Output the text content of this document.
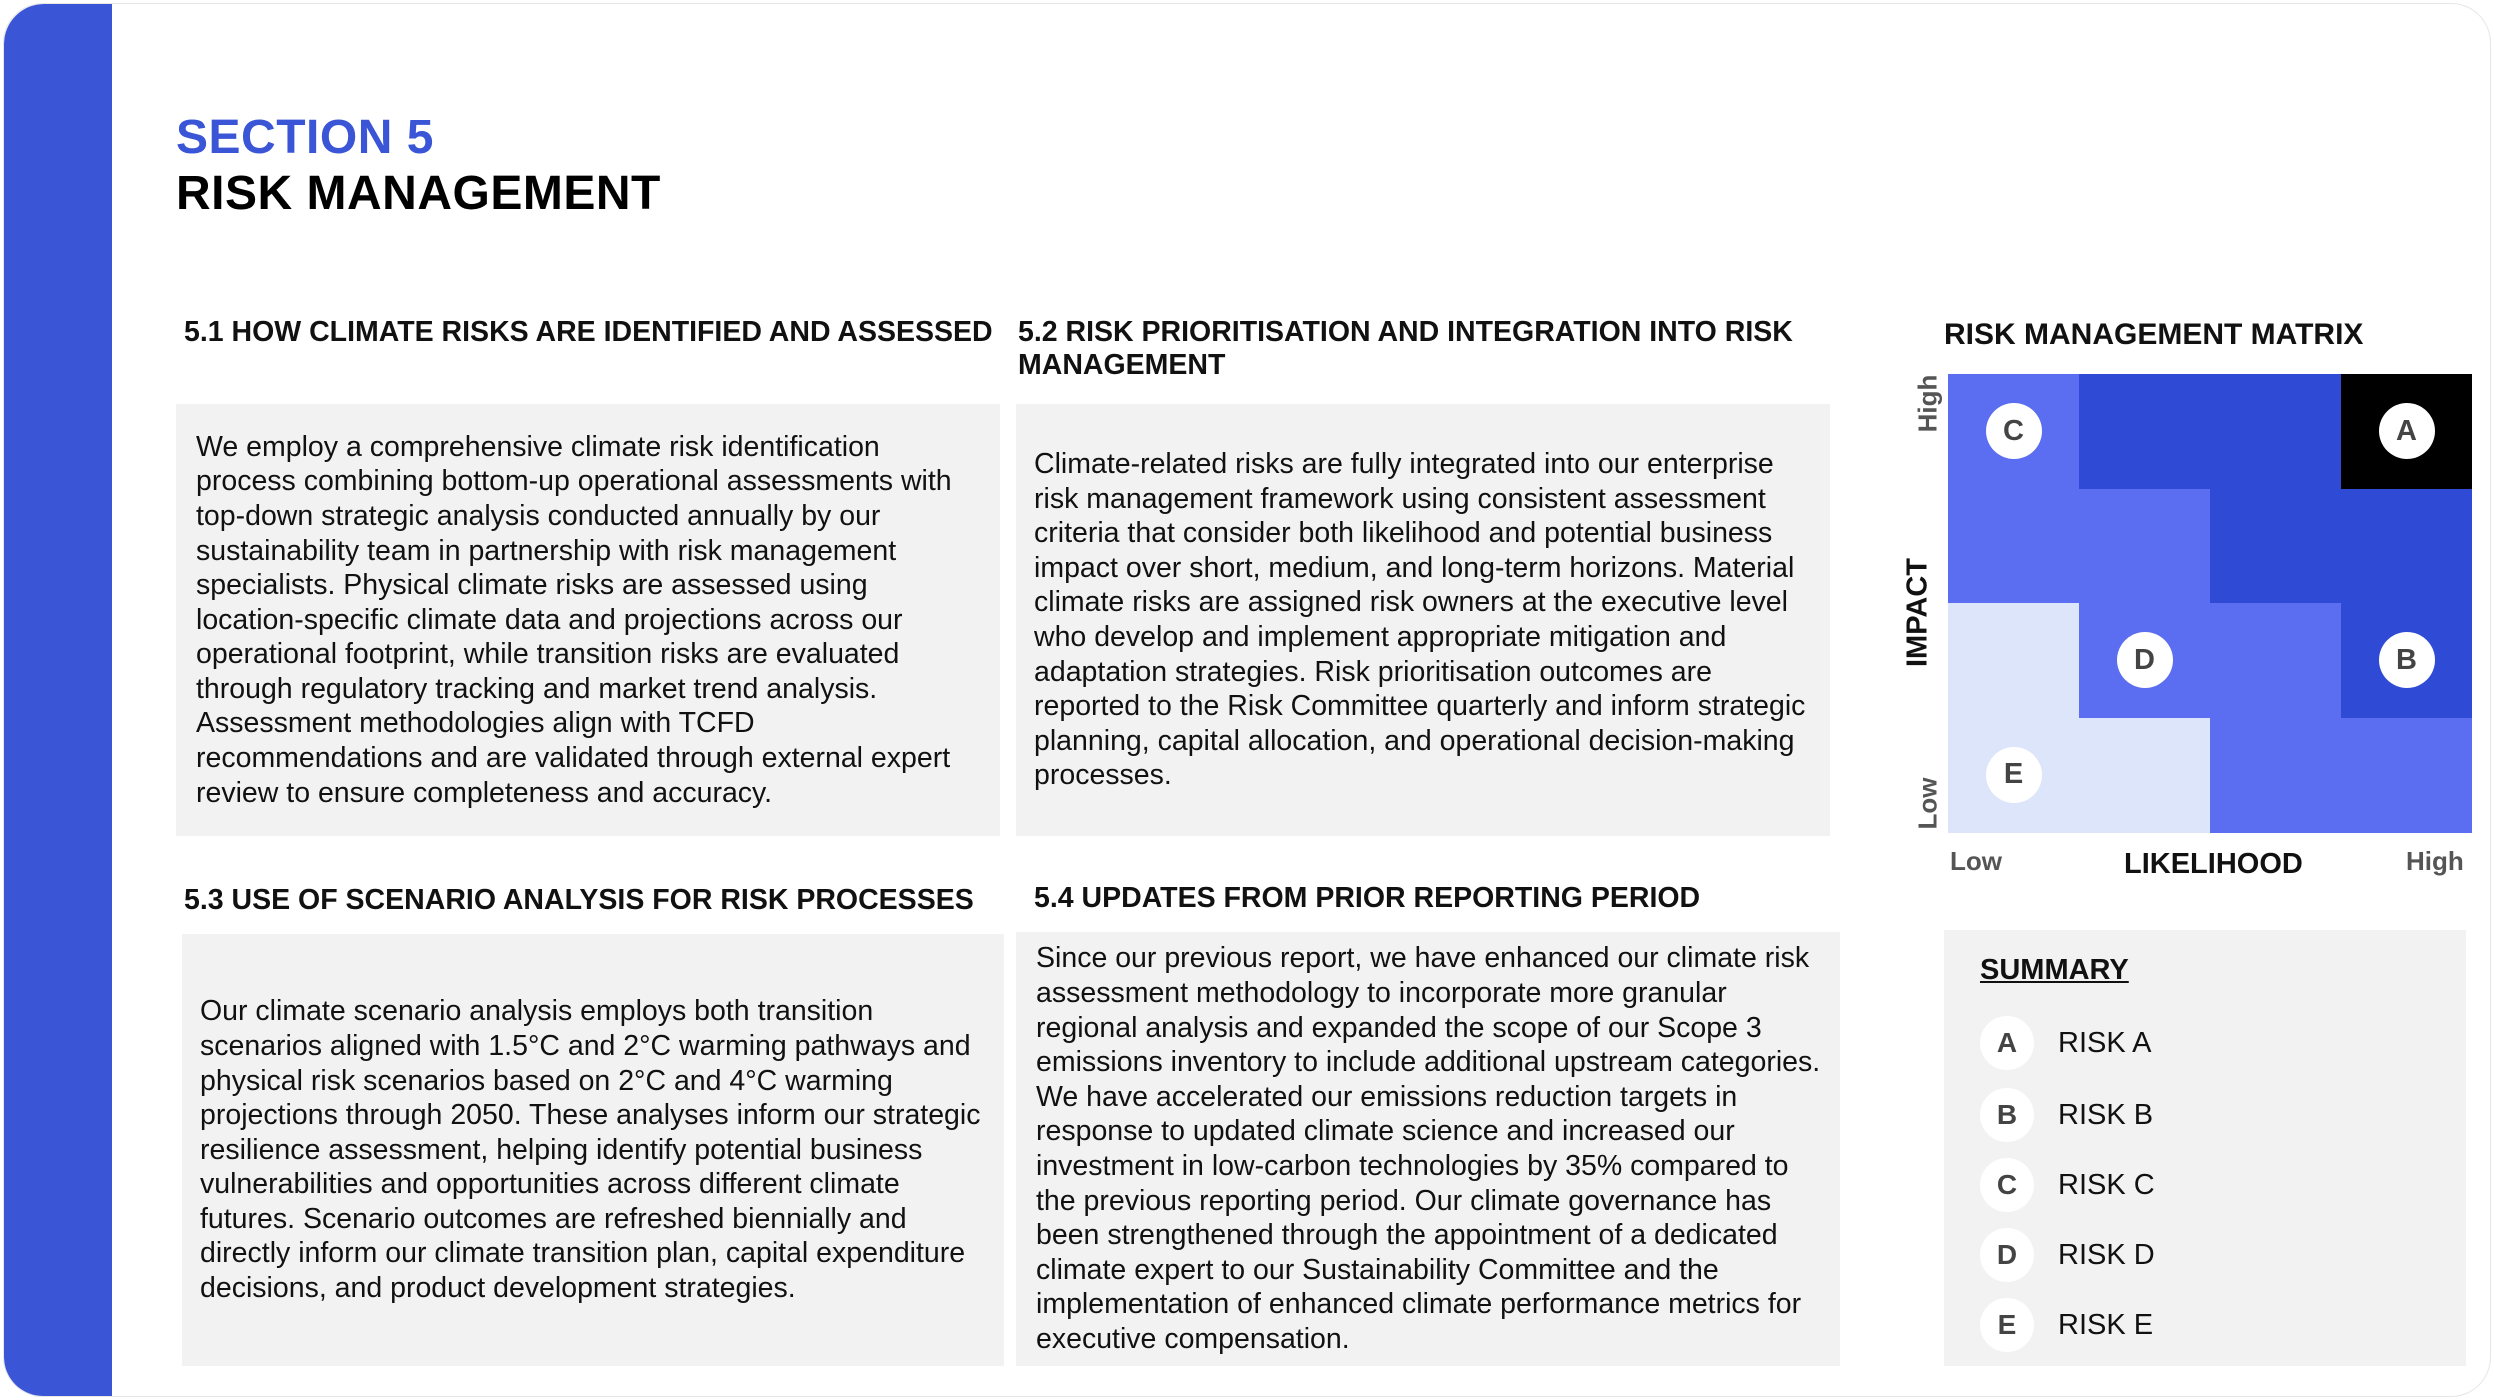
SECTION 5
RISK MANAGEMENT
5.1 HOW CLIMATE RISKS ARE IDENTIFIED AND ASSESSED

We employ a comprehensive climate risk identification process combining bottom-up operational assessments with top-down strategic analysis conducted annually by our sustainability team in partnership with risk management specialists. Physical climate risks are assessed using location-specific climate data and projections across our operational footprint, while transition risks are evaluated through regulatory tracking and market trend analysis. Assessment methodologies align with TCFD recommendations and are validated through external expert review to ensure completeness and accuracy.

5.2 RISK PRIORITISATION AND INTEGRATION INTO RISK MANAGEMENT

Climate-related risks are fully integrated into our enterprise risk management framework using consistent assessment criteria that consider both likelihood and potential business impact over short, medium, and long-term horizons. Material climate risks are assigned risk owners at the executive level who develop and implement appropriate mitigation and adaptation strategies. Risk prioritisation outcomes are reported to the Risk Committee quarterly and inform strategic planning, capital allocation, and operational decision-making processes.

5.3 USE OF SCENARIO ANALYSIS FOR RISK PROCESSES

Our climate scenario analysis employs both transition scenarios aligned with 1.5°C and 2°C warming pathways and physical risk scenarios based on 2°C and 4°C warming projections through 2050. These analyses inform our strategic resilience assessment, helping identify potential business vulnerabilities and opportunities across different climate futures. Scenario outcomes are refreshed biennially and directly inform our climate transition plan, capital expenditure decisions, and product development strategies.

5.4 UPDATES FROM PRIOR REPORTING PERIOD

Since our previous report, we have enhanced our climate risk assessment methodology to incorporate more granular regional analysis and expanded the scope of our Scope 3 emissions inventory to include additional upstream categories. We have accelerated our emissions reduction targets in response to updated climate science and increased our investment in low-carbon technologies by 35% compared to the previous reporting period. Our climate governance has been strengthened through the appointment of a dedicated climate expert to our Sustainability Committee and the implementation of enhanced climate performance metrics for executive compensation.

RISK MANAGEMENT MATRIX
A
B
C
D
E
High
IMPACT
Low
Low	LIKELIHOOD	High
SUMMARY
A	RISK A
B	RISK B
C	RISK C
D	RISK D
E	RISK E
